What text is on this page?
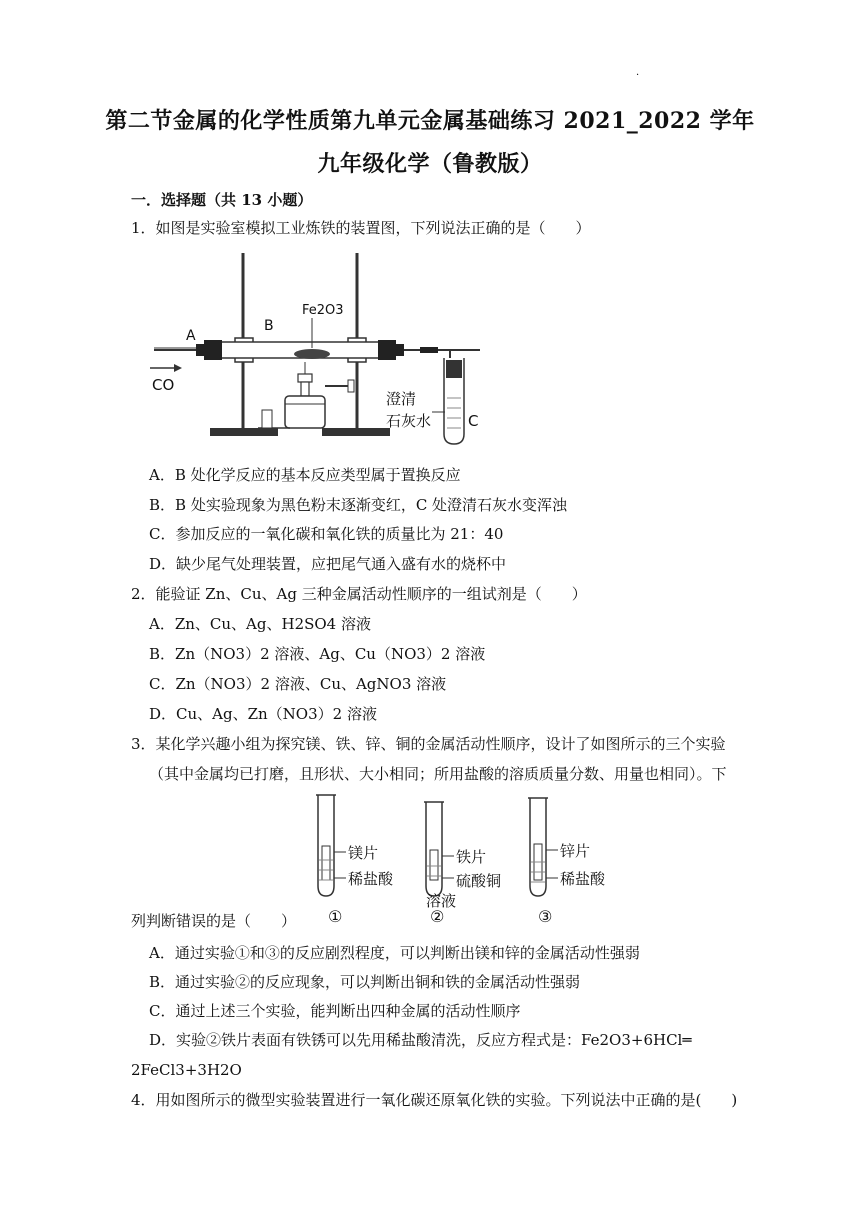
·
第二节金属的化学性质第九单元金属基础练习 2021_2022 学年
九年级化学（鲁教版）
一．选择题（共 13 小题）
1．如图是实验室模拟工业炼铁的装置图，下列说法正确的是（　　）
Fe2O3
A
B
CO
澄清
石灰水 C
A．B 处化学反应的基本反应类型属于置换反应
B．B 处实验现象为黑色粉末逐渐变红，C 处澄清石灰水变浑浊
C．参加反应的一氧化碳和氧化铁的质量比为 21：40
D．缺少尾气处理装置，应把尾气通入盛有水的烧杯中
2．能验证 Zn、Cu、Ag 三种金属活动性顺序的一组试剂是（　　）
A．Zn、Cu、Ag、H2SO4 溶液
B．Zn（NO3）2 溶液、Ag、Cu（NO3）2 溶液
C．Zn（NO3）2 溶液、Cu、AgNO3 溶液
D．Cu、Ag、Zn（NO3）2 溶液
3．某化学兴趣小组为探究镁、铁、锌、铜的金属活动性顺序，设计了如图所示的三个实验
（其中金属均已打磨，且形状、大小相同；所用盐酸的溶质质量分数、用量也相同）。下
镁片
稀盐酸
①
铁片
硫酸铜
溶液
②
锌片
稀盐酸
③
列判断错误的是（　　）
A．通过实验①和③的反应剧烈程度，可以判断出镁和锌的金属活动性强弱
B．通过实验②的反应现象，可以判断出铜和铁的金属活动性强弱
C．通过上述三个实验，能判断出四种金属的活动性顺序
D．实验②铁片表面有铁锈可以先用稀盐酸清洗，反应方程式是：Fe2O3+6HCl═
2FeCl3+3H2O
4．用如图所示的微型实验装置进行一氧化碳还原氧化铁的实验。下列说法中正确的是(　　)
